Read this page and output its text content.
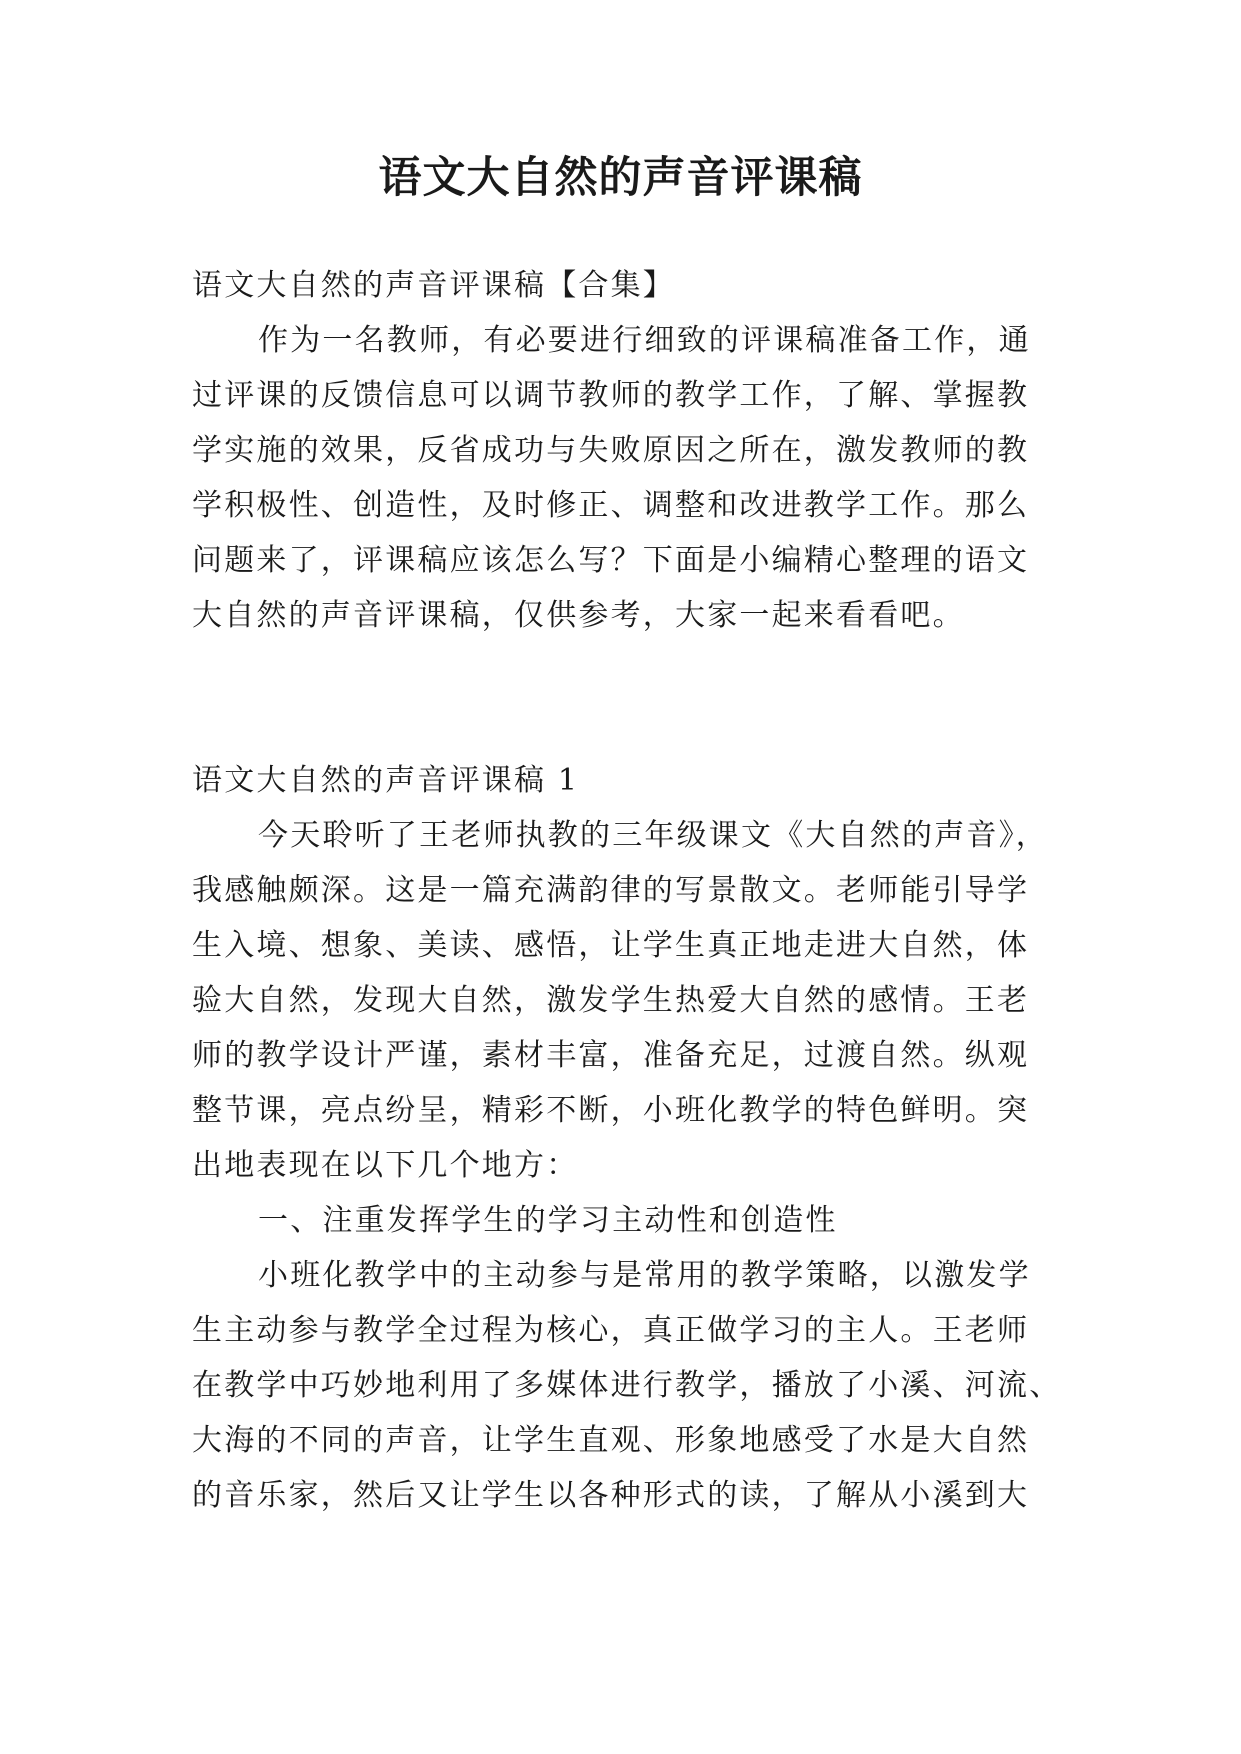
语文大自然的声音评课稿
语文大自然的声音评课稿【合集】
作为一名教师，有必要进行细致的评课稿准备工作，通
过评课的反馈信息可以调节教师的教学工作，了解、掌握教
学实施的效果，反省成功与失败原因之所在，激发教师的教
学积极性、创造性，及时修正、调整和改进教学工作。那么
问题来了，评课稿应该怎么写？下面是小编精心整理的语文
大自然的声音评课稿，仅供参考，大家一起来看看吧。
语文大自然的声音评课稿 1
今天聆听了王老师执教的三年级课文《大自然的声音》，
我感触颇深。这是一篇充满韵律的写景散文。老师能引导学
生入境、想象、美读、感悟，让学生真正地走进大自然，体
验大自然，发现大自然，激发学生热爱大自然的感情。王老
师的教学设计严谨，素材丰富，准备充足，过渡自然。纵观
整节课，亮点纷呈，精彩不断，小班化教学的特色鲜明。突
出地表现在以下几个地方：
一、注重发挥学生的学习主动性和创造性
小班化教学中的主动参与是常用的教学策略，以激发学
生主动参与教学全过程为核心，真正做学习的主人。王老师
在教学中巧妙地利用了多媒体进行教学，播放了小溪、河流、
大海的不同的声音，让学生直观、形象地感受了水是大自然
的音乐家，然后又让学生以各种形式的读，了解从小溪到大
